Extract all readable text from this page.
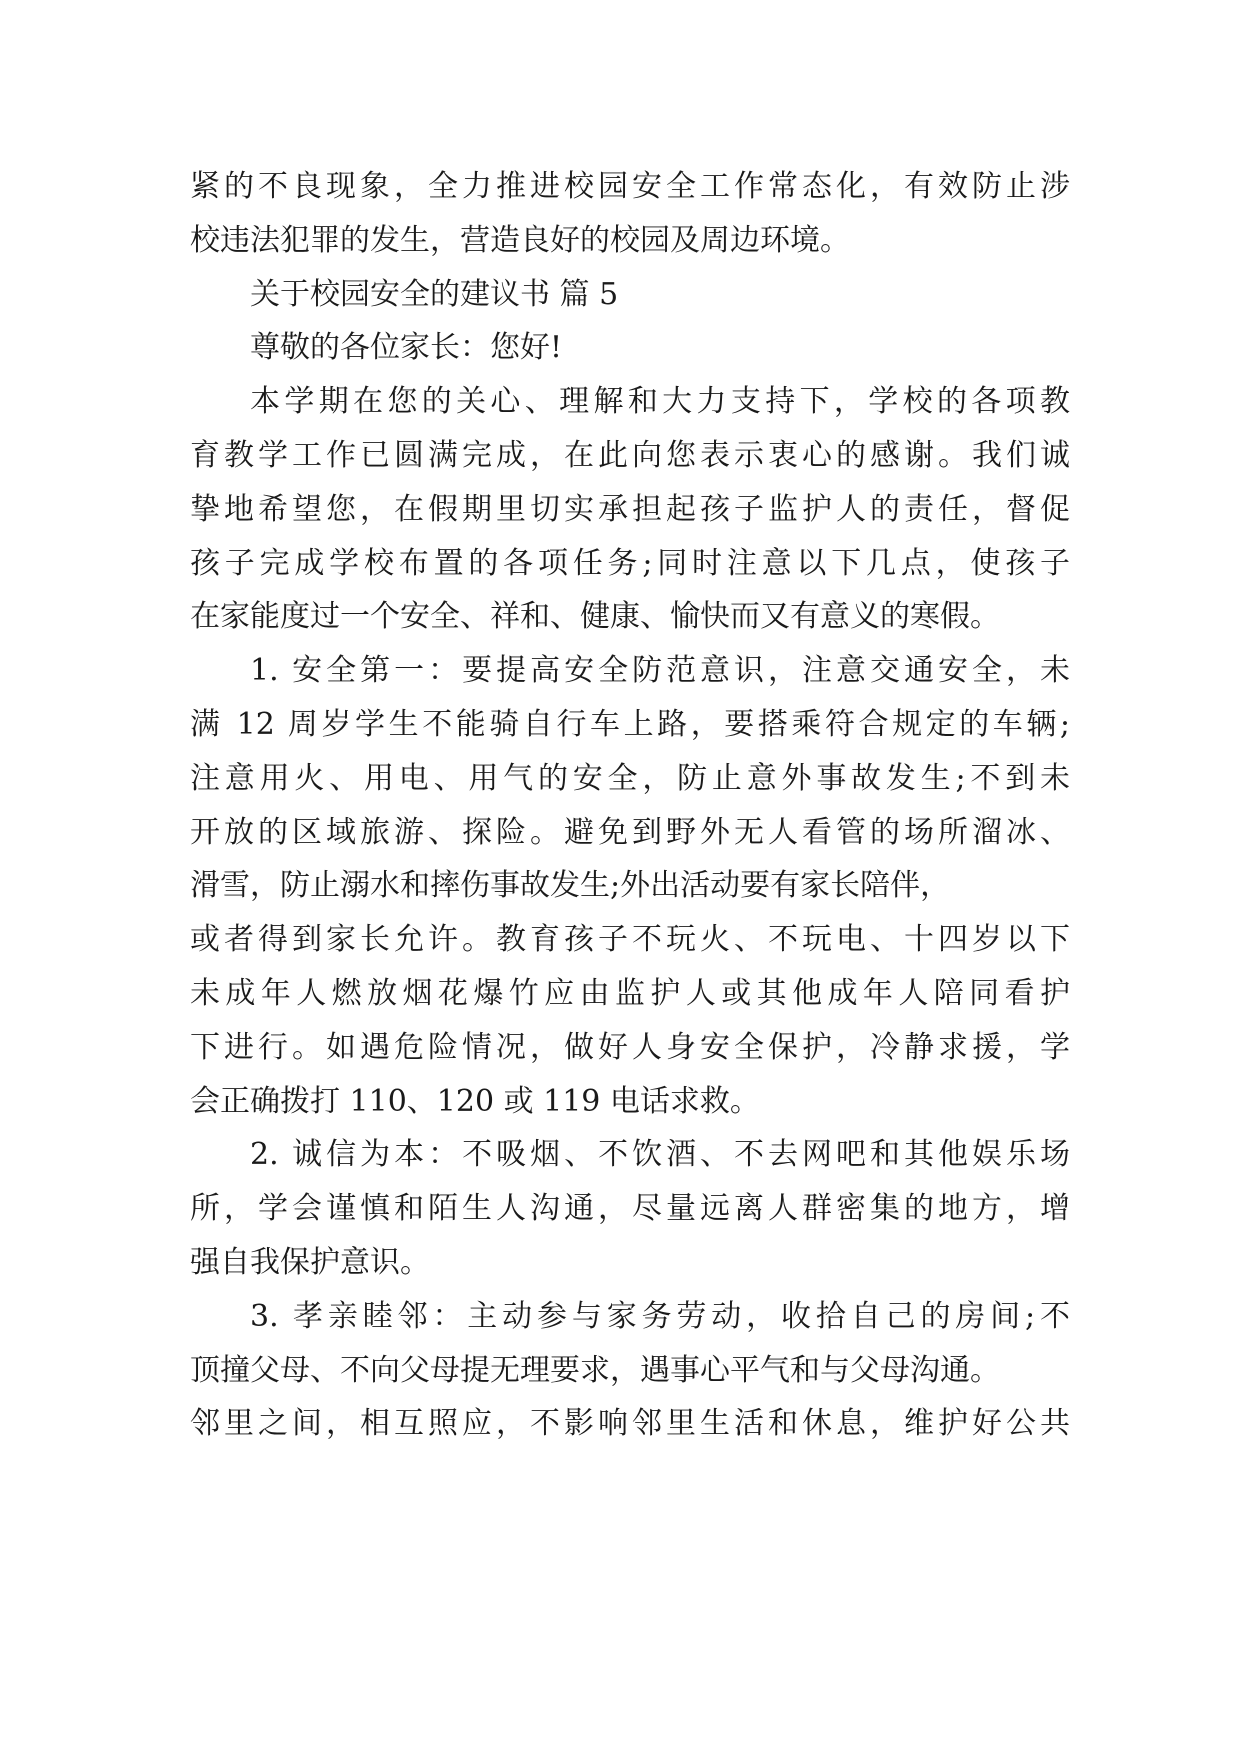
紧的不良现象，全力推进校园安全工作常态化，有效防止涉
校违法犯罪的发生，营造良好的校园及周边环境。
关于校园安全的建议书 篇 5
尊敬的各位家长：您好!
本学期在您的关心、理解和大力支持下，学校的各项教
育教学工作已圆满完成，在此向您表示衷心的感谢。我们诚
挚地希望您，在假期里切实承担起孩子监护人的责任，督促
孩子完成学校布置的各项任务;同时注意以下几点，使孩子
在家能度过一个安全、祥和、健康、愉快而又有意义的寒假。
1. 安全第一：要提高安全防范意识，注意交通安全，未
满 12 周岁学生不能骑自行车上路，要搭乘符合规定的车辆;
注意用火、用电、用气的安全，防止意外事故发生;不到未
开放的区域旅游、探险。避免到野外无人看管的场所溜冰、
滑雪，防止溺水和摔伤事故发生;外出活动要有家长陪伴，
或者得到家长允许。教育孩子不玩火、不玩电、十四岁以下
未成年人燃放烟花爆竹应由监护人或其他成年人陪同看护
下进行。如遇危险情况，做好人身安全保护，冷静求援，学
会正确拨打 110、120 或 119 电话求救。
2. 诚信为本：不吸烟、不饮酒、不去网吧和其他娱乐场
所，学会谨慎和陌生人沟通，尽量远离人群密集的地方，增
强自我保护意识。
3. 孝亲睦邻：主动参与家务劳动，收拾自己的房间;不
顶撞父母、不向父母提无理要求，遇事心平气和与父母沟通。
邻里之间，相互照应，不影响邻里生活和休息，维护好公共
